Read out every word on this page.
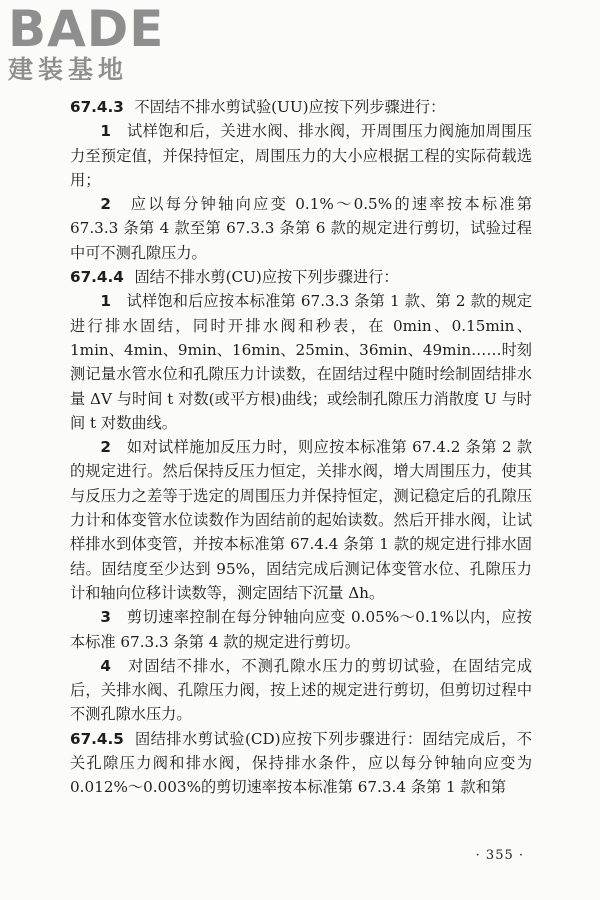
BADE
建装基地

67.4.3 不固结不排水剪试验(UU)应按下列步骤进行：

1　 试样饱和后，关进水阀、排水阀，开周围压力阀施加周围压力至预定值，并保持恒定，周围压力的大小应根据工程的实际荷载选用；

2　 应以每分钟轴向应变 0.1%～0.5%的速率按本标准第 67.3.3 条第 4 款至第 67.3.3 条第 6 款的规定进行剪切，试验过程中可不测孔隙压力。

67.4.4 固结不排水剪(CU)应按下列步骤进行：

1　 试样饱和后应按本标准第 67.3.3 条第 1 款、第 2 款的规定进行排水固结，同时开排水阀和秒表，在 0min、0.15min、1min、4min、9min、16min、25min、36min、49min……时刻测记量水管水位和孔隙压力计读数，在固结过程中随时绘制固结排水量 ΔV 与时间 t 对数(或平方根)曲线；或绘制孔隙压力消散度 U 与时间 t 对数曲线。

2　 如对试样施加反压力时，则应按本标准第 67.4.2 条第 2 款的规定进行。然后保持反压力恒定，关排水阀，增大周围压力，使其与反压力之差等于选定的周围压力并保持恒定，测记稳定后的孔隙压力计和体变管水位读数作为固结前的起始读数。然后开排水阀，让试样排水到体变管，并按本标准第 67.4.4 条第 1 款的规定进行排水固结。固结度至少达到 95%，固结完成后测记体变管水位、孔隙压力计和轴向位移计读数等，测定固结下沉量 Δh。

3　 剪切速率控制在每分钟轴向应变 0.05%～0.1%以内，应按本标准 67.3.3 条第 4 款的规定进行剪切。

4　 对固结不排水，不测孔隙水压力的剪切试验，在固结完成后，关排水阀、孔隙压力阀，按上述的规定进行剪切，但剪切过程中不测孔隙水压力。

67.4.5 固结排水剪试验(CD)应按下列步骤进行：固结完成后，不关孔隙压力阀和排水阀，保持排水条件，应以每分钟轴向应变为 0.012%～0.003%的剪切速率按本标准第 67.3.4 条第 1 款和第

· 355 ·
